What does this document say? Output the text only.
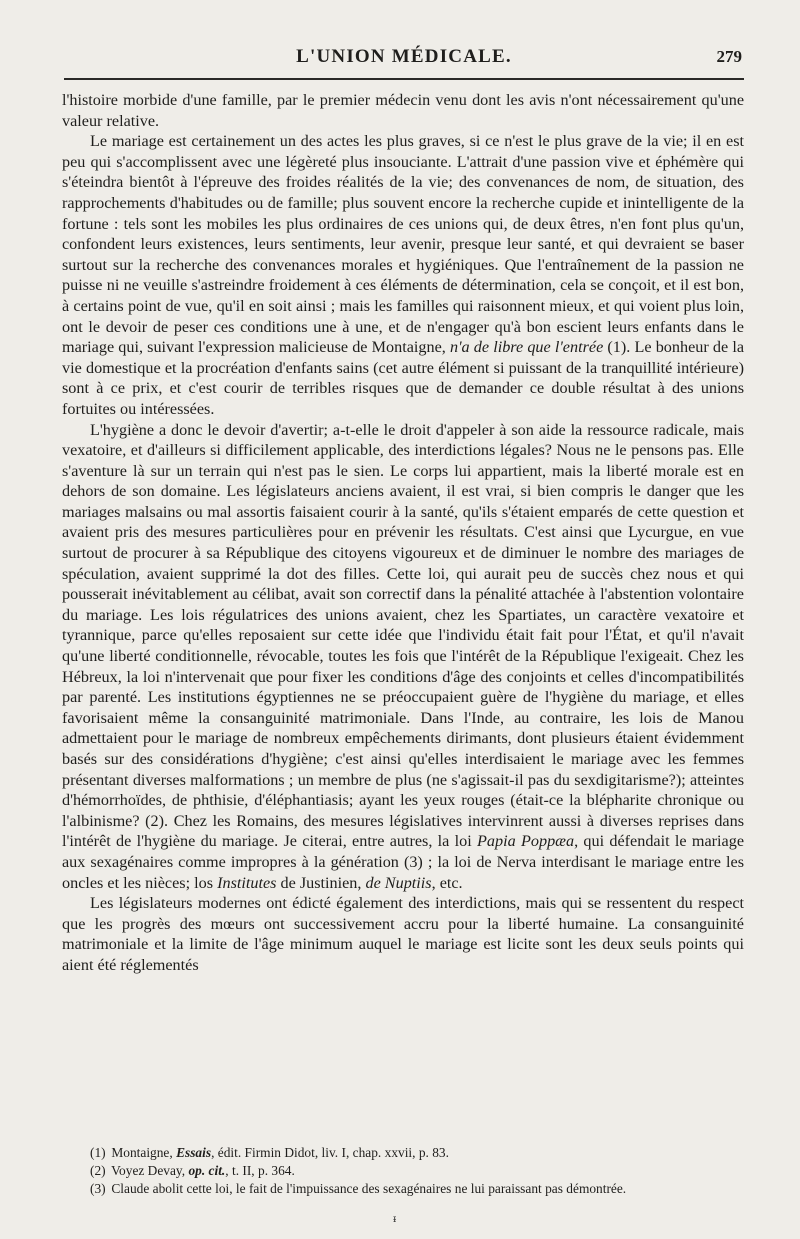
L'UNION MÉDICALE.	279

l'histoire morbide d'une famille, par le premier médecin venu dont les avis n'ont nécessairement qu'une valeur relative.

Le mariage est certainement un des actes les plus graves, si ce n'est le plus grave de la vie; il en est peu qui s'accomplissent avec une légèreté plus insouciante. L'attrait d'une passion vive et éphémère qui s'éteindra bientôt à l'épreuve des froides réalités de la vie; des convenances de nom, de situation, des rapprochements d'habitudes ou de famille; plus souvent encore la recherche cupide et inintelligente de la fortune : tels sont les mobiles les plus ordinaires de ces unions qui, de deux êtres, n'en font plus qu'un, confondent leurs existences, leurs sentiments, leur avenir, presque leur santé, et qui devraient se baser surtout sur la recherche des convenances morales et hygiéniques. Que l'entraînement de la passion ne puisse ni ne veuille s'astreindre froidement à ces éléments de détermination, cela se conçoit, et il est bon, à certains point de vue, qu'il en soit ainsi ; mais les familles qui raisonnent mieux, et qui voient plus loin, ont le devoir de peser ces conditions une à une, et de n'engager qu'à bon escient leurs enfants dans le mariage qui, suivant l'expression malicieuse de Montaigne, n'a de libre que l'entrée (1). Le bonheur de la vie domestique et la procréation d'enfants sains (cet autre élément si puissant de la tranquillité intérieure) sont à ce prix, et c'est courir de terribles risques que de demander ce double résultat à des unions fortuites ou intéressées.

L'hygiène a donc le devoir d'avertir; a-t-elle le droit d'appeler à son aide la ressource radicale, mais vexatoire, et d'ailleurs si difficilement applicable, des interdictions légales? Nous ne le pensons pas. Elle s'aventure là sur un terrain qui n'est pas le sien. Le corps lui appartient, mais la liberté morale est en dehors de son domaine. Les législateurs anciens avaient, il est vrai, si bien compris le danger que les mariages malsains ou mal assortis faisaient courir à la santé, qu'ils s'étaient emparés de cette question et avaient pris des mesures particulières pour en prévenir les résultats. C'est ainsi que Lycurgue, en vue surtout de procurer à sa République des citoyens vigoureux et de diminuer le nombre des mariages de spéculation, avaient supprimé la dot des filles. Cette loi, qui aurait peu de succès chez nous et qui pousserait inévitablement au célibat, avait son correctif dans la pénalité attachée à l'abstention volontaire du mariage. Les lois régulatrices des unions avaient, chez les Spartiates, un caractère vexatoire et tyrannique, parce qu'elles reposaient sur cette idée que l'individu était fait pour l'État, et qu'il n'avait qu'une liberté conditionnelle, révocable, toutes les fois que l'intérêt de la République l'exigeait. Chez les Hébreux, la loi n'intervenait que pour fixer les conditions d'âge des conjoints et celles d'incompatibilités par parenté. Les institutions égyptiennes ne se préoccupaient guère de l'hygiène du mariage, et elles favorisaient même la consanguinité matrimoniale. Dans l'Inde, au contraire, les lois de Manou admettaient pour le mariage de nombreux empêchements dirimants, dont plusieurs étaient évidemment basés sur des considérations d'hygiène; c'est ainsi qu'elles interdisaient le mariage avec les femmes présentant diverses malformations ; un membre de plus (ne s'agissait-il pas du sexdigitarisme?); atteintes d'hémorrhoïdes, de phthisie, d'éléphantiasis; ayant les yeux rouges (était-ce la blépharite chronique ou l'albinisme? (2). Chez les Romains, des mesures législatives intervinrent aussi à diverses reprises dans l'intérêt de l'hygiène du mariage. Je citerai, entre autres, la loi Papia Poppæa, qui défendait le mariage aux sexagénaires comme impropres à la génération (3) ; la loi de Nerva interdisant le mariage entre les oncles et les nièces; los Institutes de Justinien, de Nuptiis, etc.

Les législateurs modernes ont édicté également des interdictions, mais qui se ressentent du respect que les progrès des mœurs ont successivement accru pour la liberté humaine. La consanguinité matrimoniale et la limite de l'âge minimum auquel le mariage est licite sont les deux seuls points qui aient été réglementés

(1) Montaigne, Essais, édit. Firmin Didot, liv. I, chap. xxvii, p. 83.
(2) Voyez Devay, op. cit., t. II, p. 364.
(3) Claude abolit cette loi, le fait de l'impuissance des sexagénaires ne lui paraissant pas démontrée.
ᵻ
